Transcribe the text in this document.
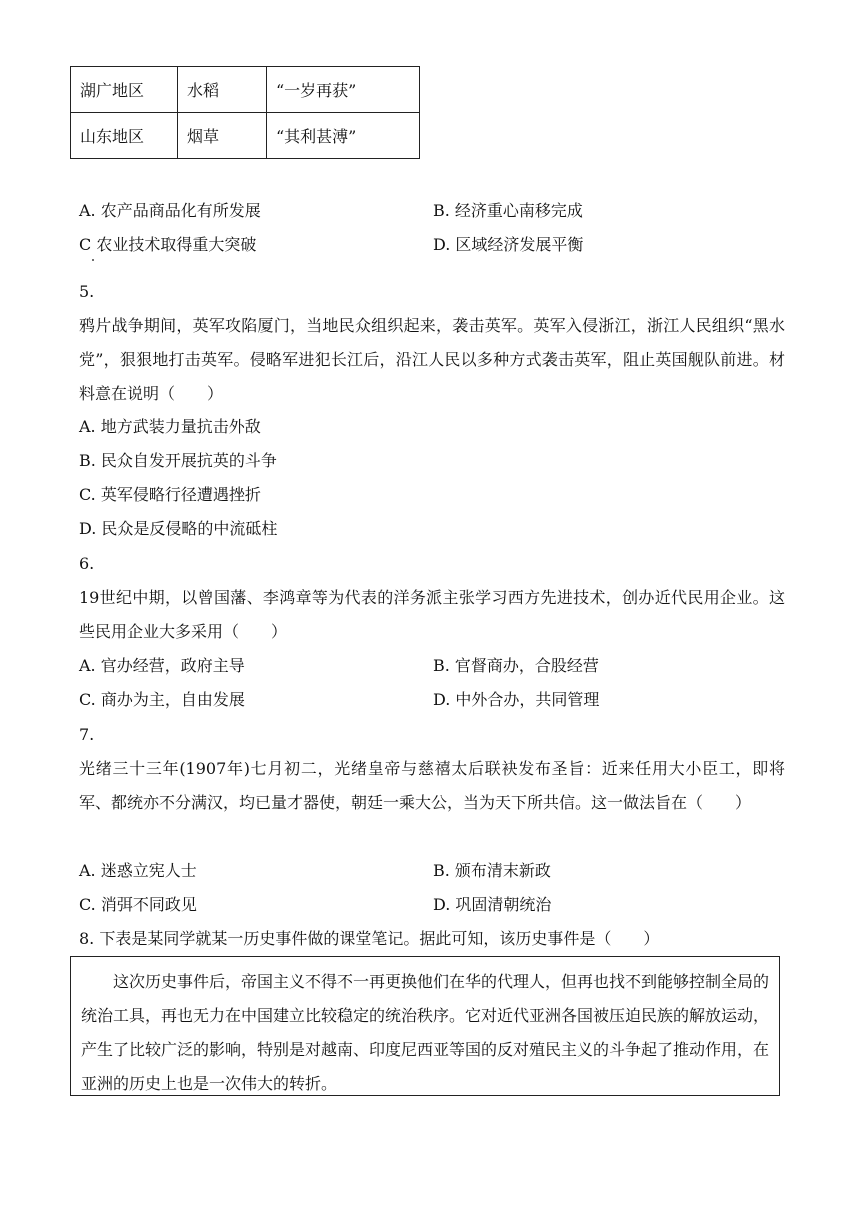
湖广地区	水稻	“一岁再获”
山东地区	烟草	“其利甚溥”
A. 农产品商品化有所发展	B. 经济重心南移完成
C 农业技术取得重大突破	D. 区域经济发展平衡
5.
鸦片战争期间，英军攻陷厦门，当地民众组织起来，袭击英军。英军入侵浙江，浙江人民组织“黑水党”，狠狠地打击英军。侵略军进犯长江后，沿江人民以多种方式袭击英军，阻止英国舰队前进。材料意在说明（　　）
A. 地方武装力量抗击外敌
B. 民众自发开展抗英的斗争
C. 英军侵略行径遭遇挫折
D. 民众是反侵略的中流砥柱
6.
19世纪中期，以曾国藩、李鸿章等为代表的洋务派主张学习西方先进技术，创办近代民用企业。这些民用企业大多采用（　　）
A. 官办经营，政府主导	B. 官督商办，合股经营
C. 商办为主，自由发展	D. 中外合办，共同管理
7.
光绪三十三年(1907年)七月初二，光绪皇帝与慈禧太后联袂发布圣旨：近来任用大小臣工，即将军、都统亦不分满汉，均已量才器使，朝廷一乘大公，当为天下所共信。这一做法旨在（　　）
A. 迷惑立宪人士	B. 颁布清末新政
C. 消弭不同政见	D. 巩固清朝统治
8. 下表是某同学就某一历史事件做的课堂笔记。据此可知，该历史事件是（　　）
这次历史事件后，帝国主义不得不一再更换他们在华的代理人，但再也找不到能够控制全局的统治工具，再也无力在中国建立比较稳定的统治秩序。它对近代亚洲各国被压迫民族的解放运动，产生了比较广泛的影响，特别是对越南、印度尼西亚等国的反对殖民主义的斗争起了推动作用，在亚洲的历史上也是一次伟大的转折。
